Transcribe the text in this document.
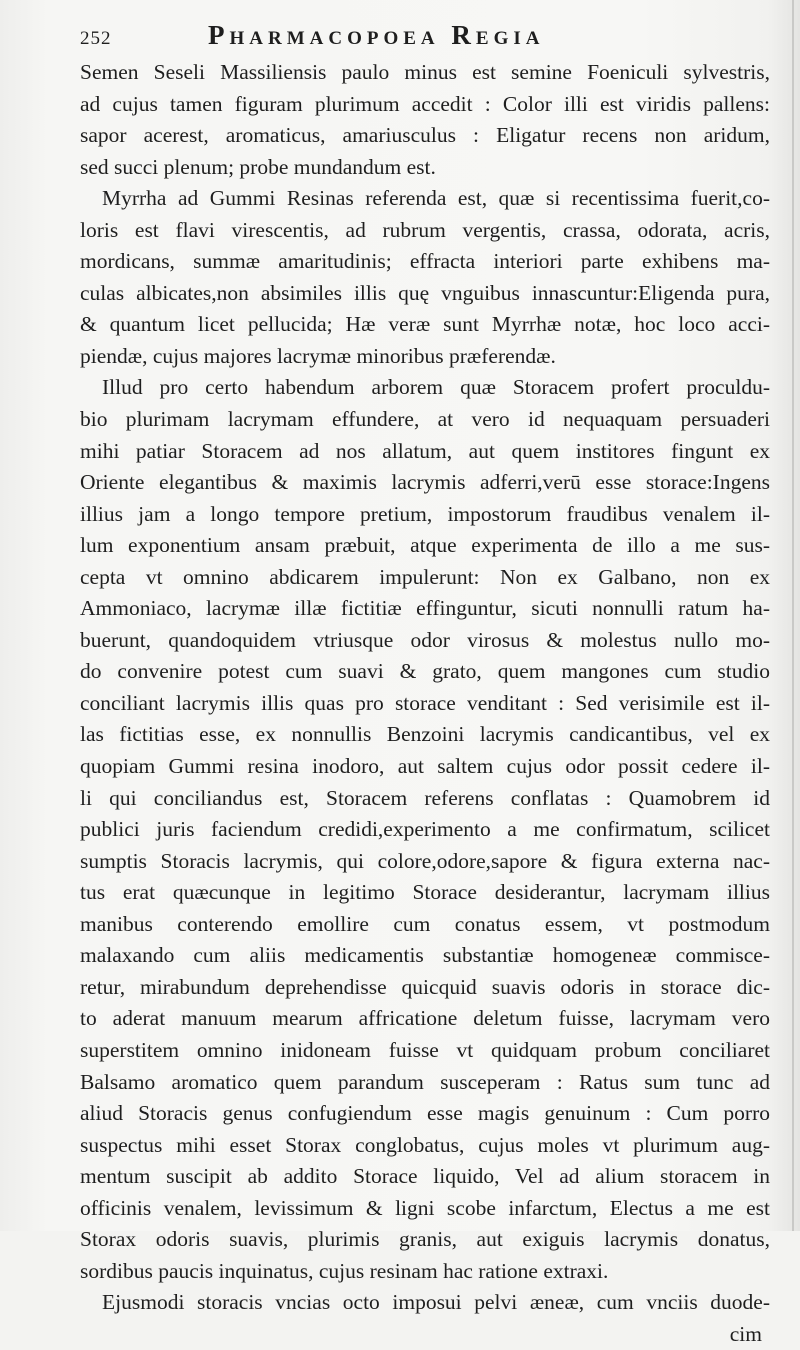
252	Pharmacopoea Regia
Semen Seseli Massiliensis paulo minus est semine Foeniculi sylvestris,
ad cujus tamen figuram plurimum accedit : Color illi est viridis pallens:
sapor acerest, aromaticus, amariusculus : Eligatur recens non aridum,
sed succi plenum; probe mundandum est.
Myrrha ad Gummi Resinas referenda est, quæ si recentissima fuerit,co-
loris est flavi virescentis, ad rubrum vergentis, crassa, odorata, acris,
mordicans, summæ amaritudinis; effracta interiori parte exhibens ma-
culas albicates,non absimiles illis quę vnguibus innascuntur:Eligenda pura,
& quantum licet pellucida; Hæ veræ sunt Myrrhæ notæ, hoc loco acci-
piendæ, cujus majores lacrymæ minoribus præferendæ.
Illud pro certo habendum arborem quæ Storacem profert proculdu-
bio plurimam lacrymam effundere, at vero id nequaquam persuaderi
mihi patiar Storacem ad nos allatum, aut quem institores fingunt ex
Oriente elegantibus & maximis lacrymis adferri,verū esse storace:Ingens
illius jam a longo tempore pretium, impostorum fraudibus venalem il-
lum exponentium ansam præbuit, atque experimenta de illo a me sus-
cepta vt omnino abdicarem impulerunt: Non ex Galbano, non ex
Ammoniaco, lacrymæ illæ fictitiæ effinguntur, sicuti nonnulli ratum ha-
buerunt, quandoquidem vtriusque odor virosus & molestus nullo mo-
do convenire potest cum suavi & grato, quem mangones cum studio
conciliant lacrymis illis quas pro storace venditant : Sed verisimile est il-
las fictitias esse, ex nonnullis Benzoini lacrymis candicantibus, vel ex
quopiam Gummi resina inodoro, aut saltem cujus odor possit cedere il-
li qui conciliandus est, Storacem referens conflatas : Quamobrem id
publici juris faciendum credidi,experimento a me confirmatum, scilicet
sumptis Storacis lacrymis, qui colore,odore,sapore & figura externa nac-
tus erat quæcunque in legitimo Storace desiderantur, lacrymam illius
manibus conterendo emollire cum conatus essem, vt postmodum
malaxando cum aliis medicamentis substantiæ homogeneæ commisce-
retur, mirabundum deprehendisse quicquid suavis odoris in storace dic-
to aderat manuum mearum affricatione deletum fuisse, lacrymam vero
superstitem omnino inidoneam fuisse vt quidquam probum conciliaret
Balsamo aromatico quem parandum susceperam : Ratus sum tunc ad
aliud Storacis genus confugiendum esse magis genuinum : Cum porro
suspectus mihi esset Storax conglobatus, cujus moles vt plurimum aug-
mentum suscipit ab addito Storace liquido, Vel ad alium storacem in
officinis venalem, levissimum & ligni scobe infarctum, Electus a me est
Storax odoris suavis, plurimis granis, aut exiguis lacrymis donatus,
sordibus paucis inquinatus, cujus resinam hac ratione extraxi.
Ejusmodi storacis vncias octo imposui pelvi æneæ, cum vnciis duode-
cim
